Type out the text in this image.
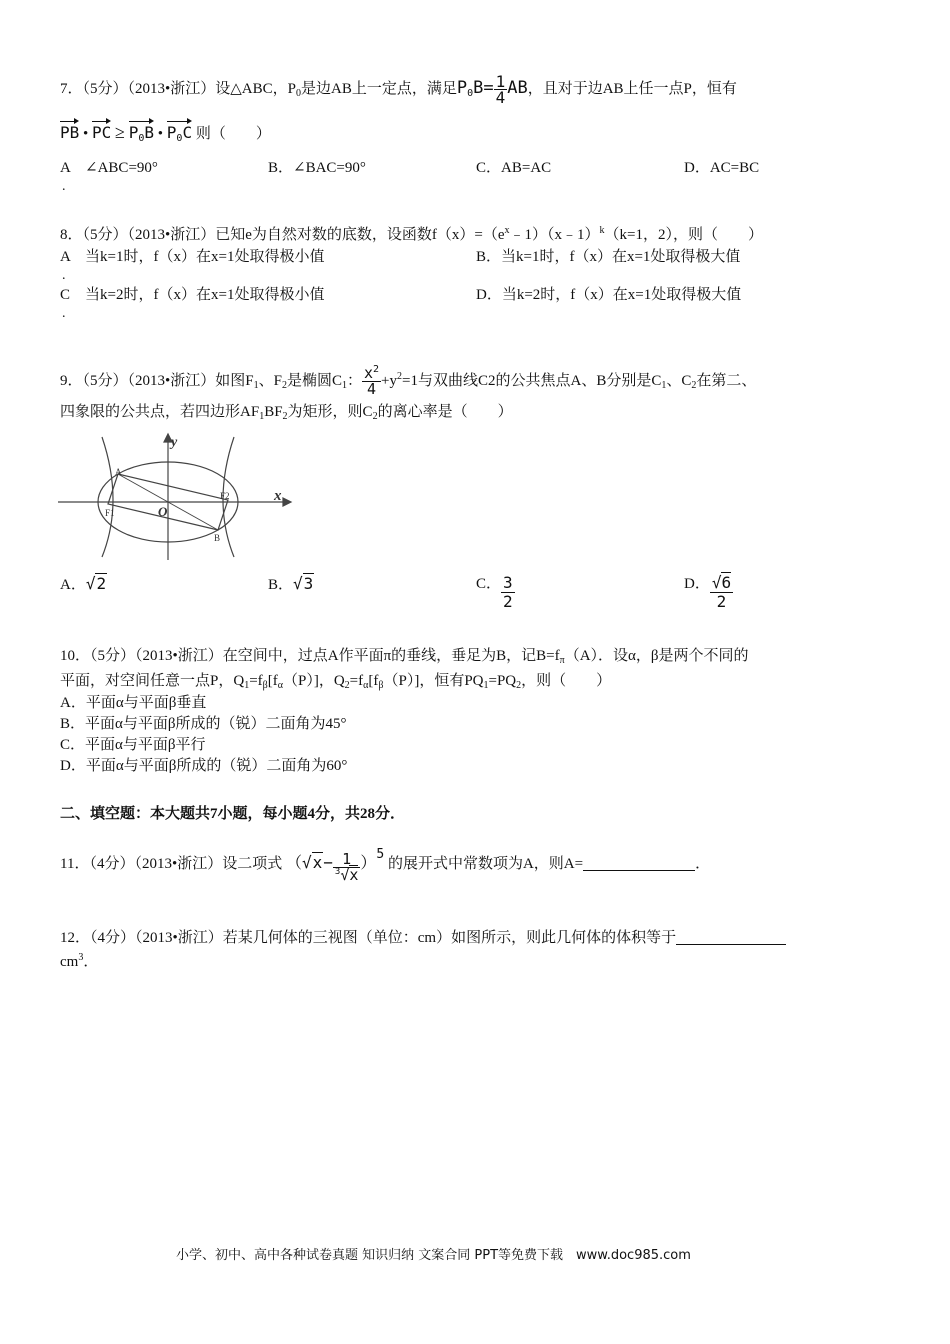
7．（5分）（2013•浙江）设△ABC，$P_0$是边AB上一定点，满足$P_0B= \frac{1}{4}$ AB，且对于边AB上任一点P，恒有
PB • PC ≥ $P_0B$ • $P_0C$ 则（　　）
A　 ∠ABC=90°
.
B．∠BAC=90°	C．AB=AC	D．AC=BC
8．（5分）（2013•浙江）已知e为自然对数的底数，设函数$f(x)=(e^x﹣1)(x﹣1)^k(k=1$，2），则（　　）
A　 当k=1时，f（x）在x=1处取得极小值
.
B．当k=1时，f（x）在x=1处取得极大值
C　 当k=2时，f（x）在x=1处取得极小值
.
D．当k=2时，f（x）在x=1处取得极大值
9．（5分）（2013•浙江）如图$F_1$、$F_2$是椭圆$C_1$： $\frac{x^2}{4} +y^2=1$与双曲线C2的公共焦点A、B分别是$C_1$、$C_2$在第二、
四象限的公共点，若四边形$AF_1BF_2$为矩形，则$C_2$的离心率是（　　）
y
x
O
A
B
F1
F2
A．√2	B．√3	C． $\frac{3}{2}$	D． $\frac{√6}{2}$
10．（5分）（2013•浙江）在空间中，过点A作平面π的垂线，垂足为B，记$B=f_\pi(A)$．设α，β是两个不同的
平面，对空间任意一点P，$Q_1=f_\beta[f_\alpha(P)]$，$Q_2=f_\alpha[f_\beta(P)]$，恒有$PQ_1=PQ_2$，则（　　）
A．平面α与平面β垂直
B．平面α与平面β所成的（锐）二面角为45°
C．平面α与平面β平行
D．平面α与平面β所成的（锐）二面角为60°
二、填空题：本大题共7小题，每小题4分，共28分．
11．（4分）（2013•浙江）设二项式 $(√x- \frac{1}{^3√x} )^5$ 的展开式中常数项为A，则A=	．
12．（4分）（2013•浙江）若某几何体的三视图（单位：cm）如图所示，则此几何体的体积等于
$cm^3$．
小学、初中、高中各种试卷真题 知识归纳 文案合同 PPT等免费下载　www.doc985.com
